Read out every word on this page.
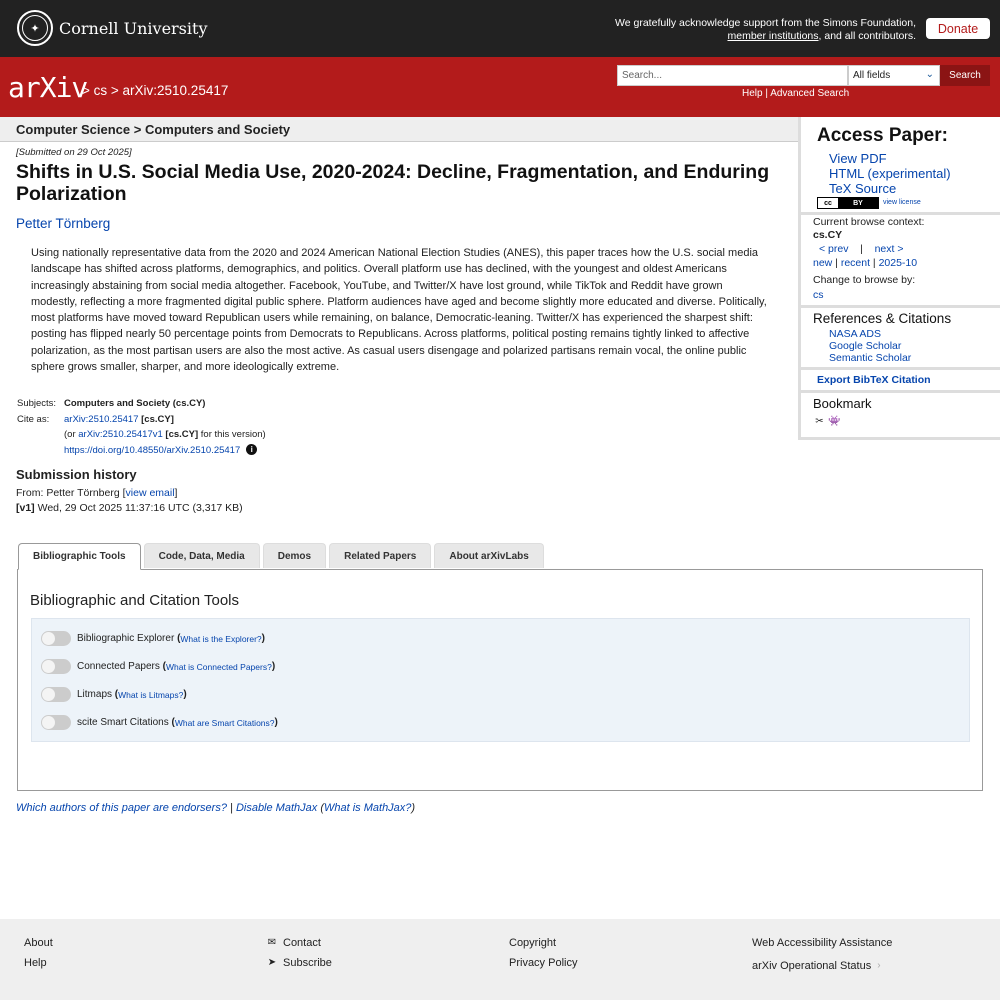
✦	Cornell University	We gratefully acknowledge support from the Simons Foundation,
member institutions, and all contributors.
Donate
arXiv
> cs > arXiv:2510.25417
Search...
All fields	⌄	Search
Help | Advanced Search
Computer Science > Computers and Society
[Submitted on 29 Oct 2025]
Shifts in U.S. Social Media Use, 2020-2024: Decline, Fragmentation, and Enduring Polarization
Petter Törnberg
Using nationally representative data from the 2020 and 2024 American National Election Studies (ANES), this paper traces how the U.S. social media landscape has shifted across platforms, demographics, and politics. Overall platform use has declined, with the youngest and oldest Americans increasingly abstaining from social media altogether. Facebook, YouTube, and Twitter/X have lost ground, while TikTok and Reddit have grown modestly, reflecting a more fragmented digital public sphere. Platform audiences have aged and become slightly more educated and diverse. Politically, most platforms have moved toward Republican users while remaining, on balance, Democratic-leaning. Twitter/X has experienced the sharpest shift: posting has flipped nearly 50 percentage points from Democrats to Republicans. Across platforms, political posting remains tightly linked to affective polarization, as the most partisan users are also the most active. As casual users disengage and polarized partisans remain vocal, the online public sphere grows smaller, sharper, and more ideologically extreme.
Subjects: Computers and Society (cs.CY)
Cite as:	arXiv:2510.25417 [cs.CY]
(or arXiv:2510.25417v1 [cs.CY] for this version)
https://doi.org/10.48550/arXiv.2510.25417 i
Submission history
From: Petter Törnberg [view email]
[v1] Wed, 29 Oct 2025 11:37:16 UTC (3,317 KB)
Bibliographic Tools	Code, Data, Media	Demos	Related Papers	About arXivLabs
Bibliographic and Citation Tools
Bibliographic Explorer
( What is the Explorer? )
Connected Papers
( What is Connected Papers? )
Litmaps
( What is Litmaps? )
scite Smart Citations
( What are Smart Citations? )
Which authors of this paper are endorsers? | Disable MathJax (What is MathJax?)
Access Paper:
View PDF
HTML (experimental)
TeX Source
cc	BY	view license
Current browse context:
cs.CY
< prev | next >
new | recent | 2025-10
Change to browse by:
cs
References & Citations
NASA ADS
Google Scholar
Semantic Scholar
Export BibTeX Citation
Bookmark
✂ 👾
About
Help
✉ Contact
➤ Subscribe
Copyright
Privacy Policy
Web Accessibility Assistance
arXiv Operational Status ›
